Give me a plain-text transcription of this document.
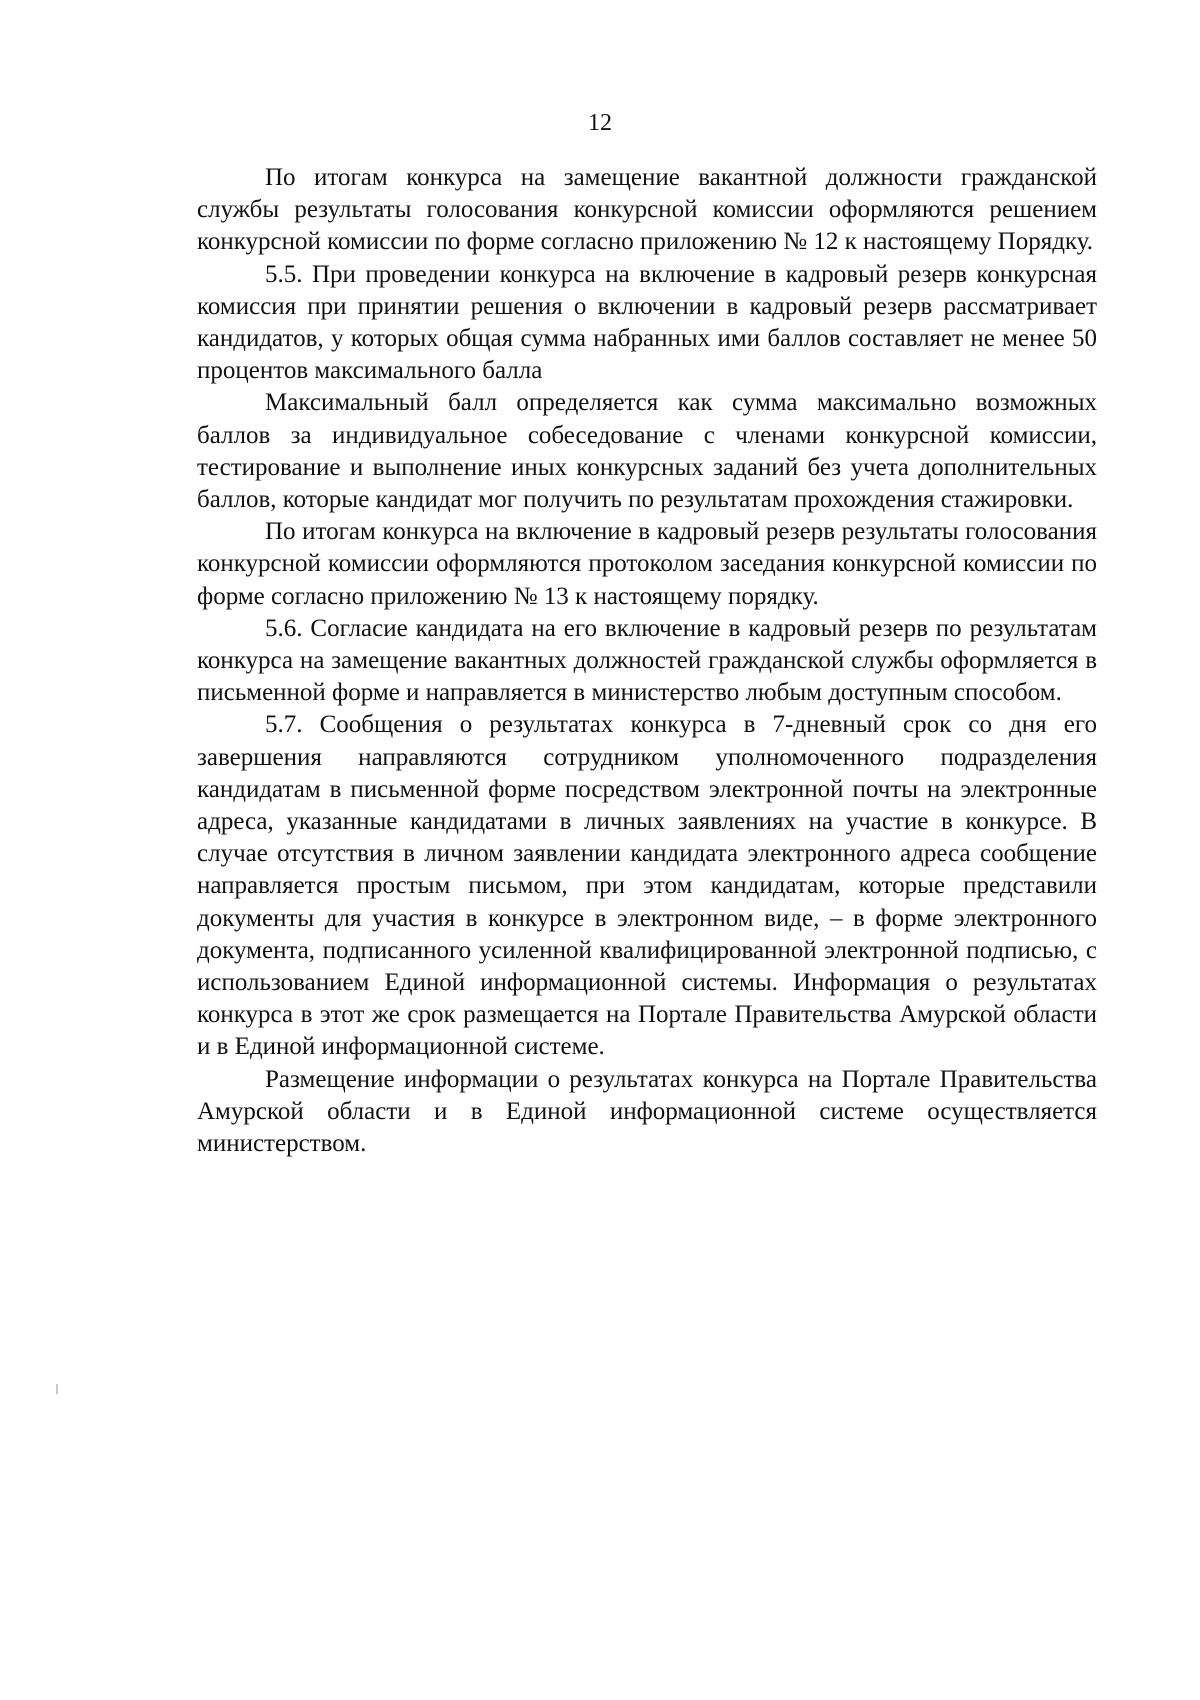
12

По итогам конкурса на замещение вакантной должности гражданской службы результаты голосования конкурсной комиссии оформляются решением конкурсной комиссии по форме согласно приложению № 12 к настоящему Порядку.

5.5. При проведении конкурса на включение в кадровый резерв конкурсная комиссия при принятии решения о включении в кадровый резерв рассматривает кандидатов, у которых общая сумма набранных ими баллов составляет не менее 50 процентов максимального балла

Максимальный балл определяется как сумма максимально возможных баллов за индивидуальное собеседование с членами конкурсной комиссии, тестирование и выполнение иных конкурсных заданий без учета дополнительных баллов, которые кандидат мог получить по результатам прохождения стажировки.

По итогам конкурса на включение в кадровый резерв результаты голосования конкурсной комиссии оформляются протоколом заседания конкурсной комиссии по форме согласно приложению № 13 к настоящему порядку.

5.6. Согласие кандидата на его включение в кадровый резерв по результатам конкурса на замещение вакантных должностей гражданской службы оформляется в письменной форме и направляется в министерство любым доступным способом.

5.7. Сообщения о результатах конкурса в 7-дневный срок со дня его завершения направляются сотрудником уполномоченного подразделения кандидатам в письменной форме посредством электронной почты на электронные адреса, указанные кандидатами в личных заявлениях на участие в конкурсе. В случае отсутствия в личном заявлении кандидата электронного адреса сообщение направляется простым письмом, при этом кандидатам, которые представили документы для участия в конкурсе в электронном виде, – в форме электронного документа, подписанного усиленной квалифицированной электронной подписью, с использованием Единой информационной системы. Информация о результатах конкурса в этот же срок размещается на Портале Правительства Амурской области и в Единой информационной системе.

Размещение информации о результатах конкурса на Портале Правительства Амурской области и в Единой информационной системе осуществляется министерством.
